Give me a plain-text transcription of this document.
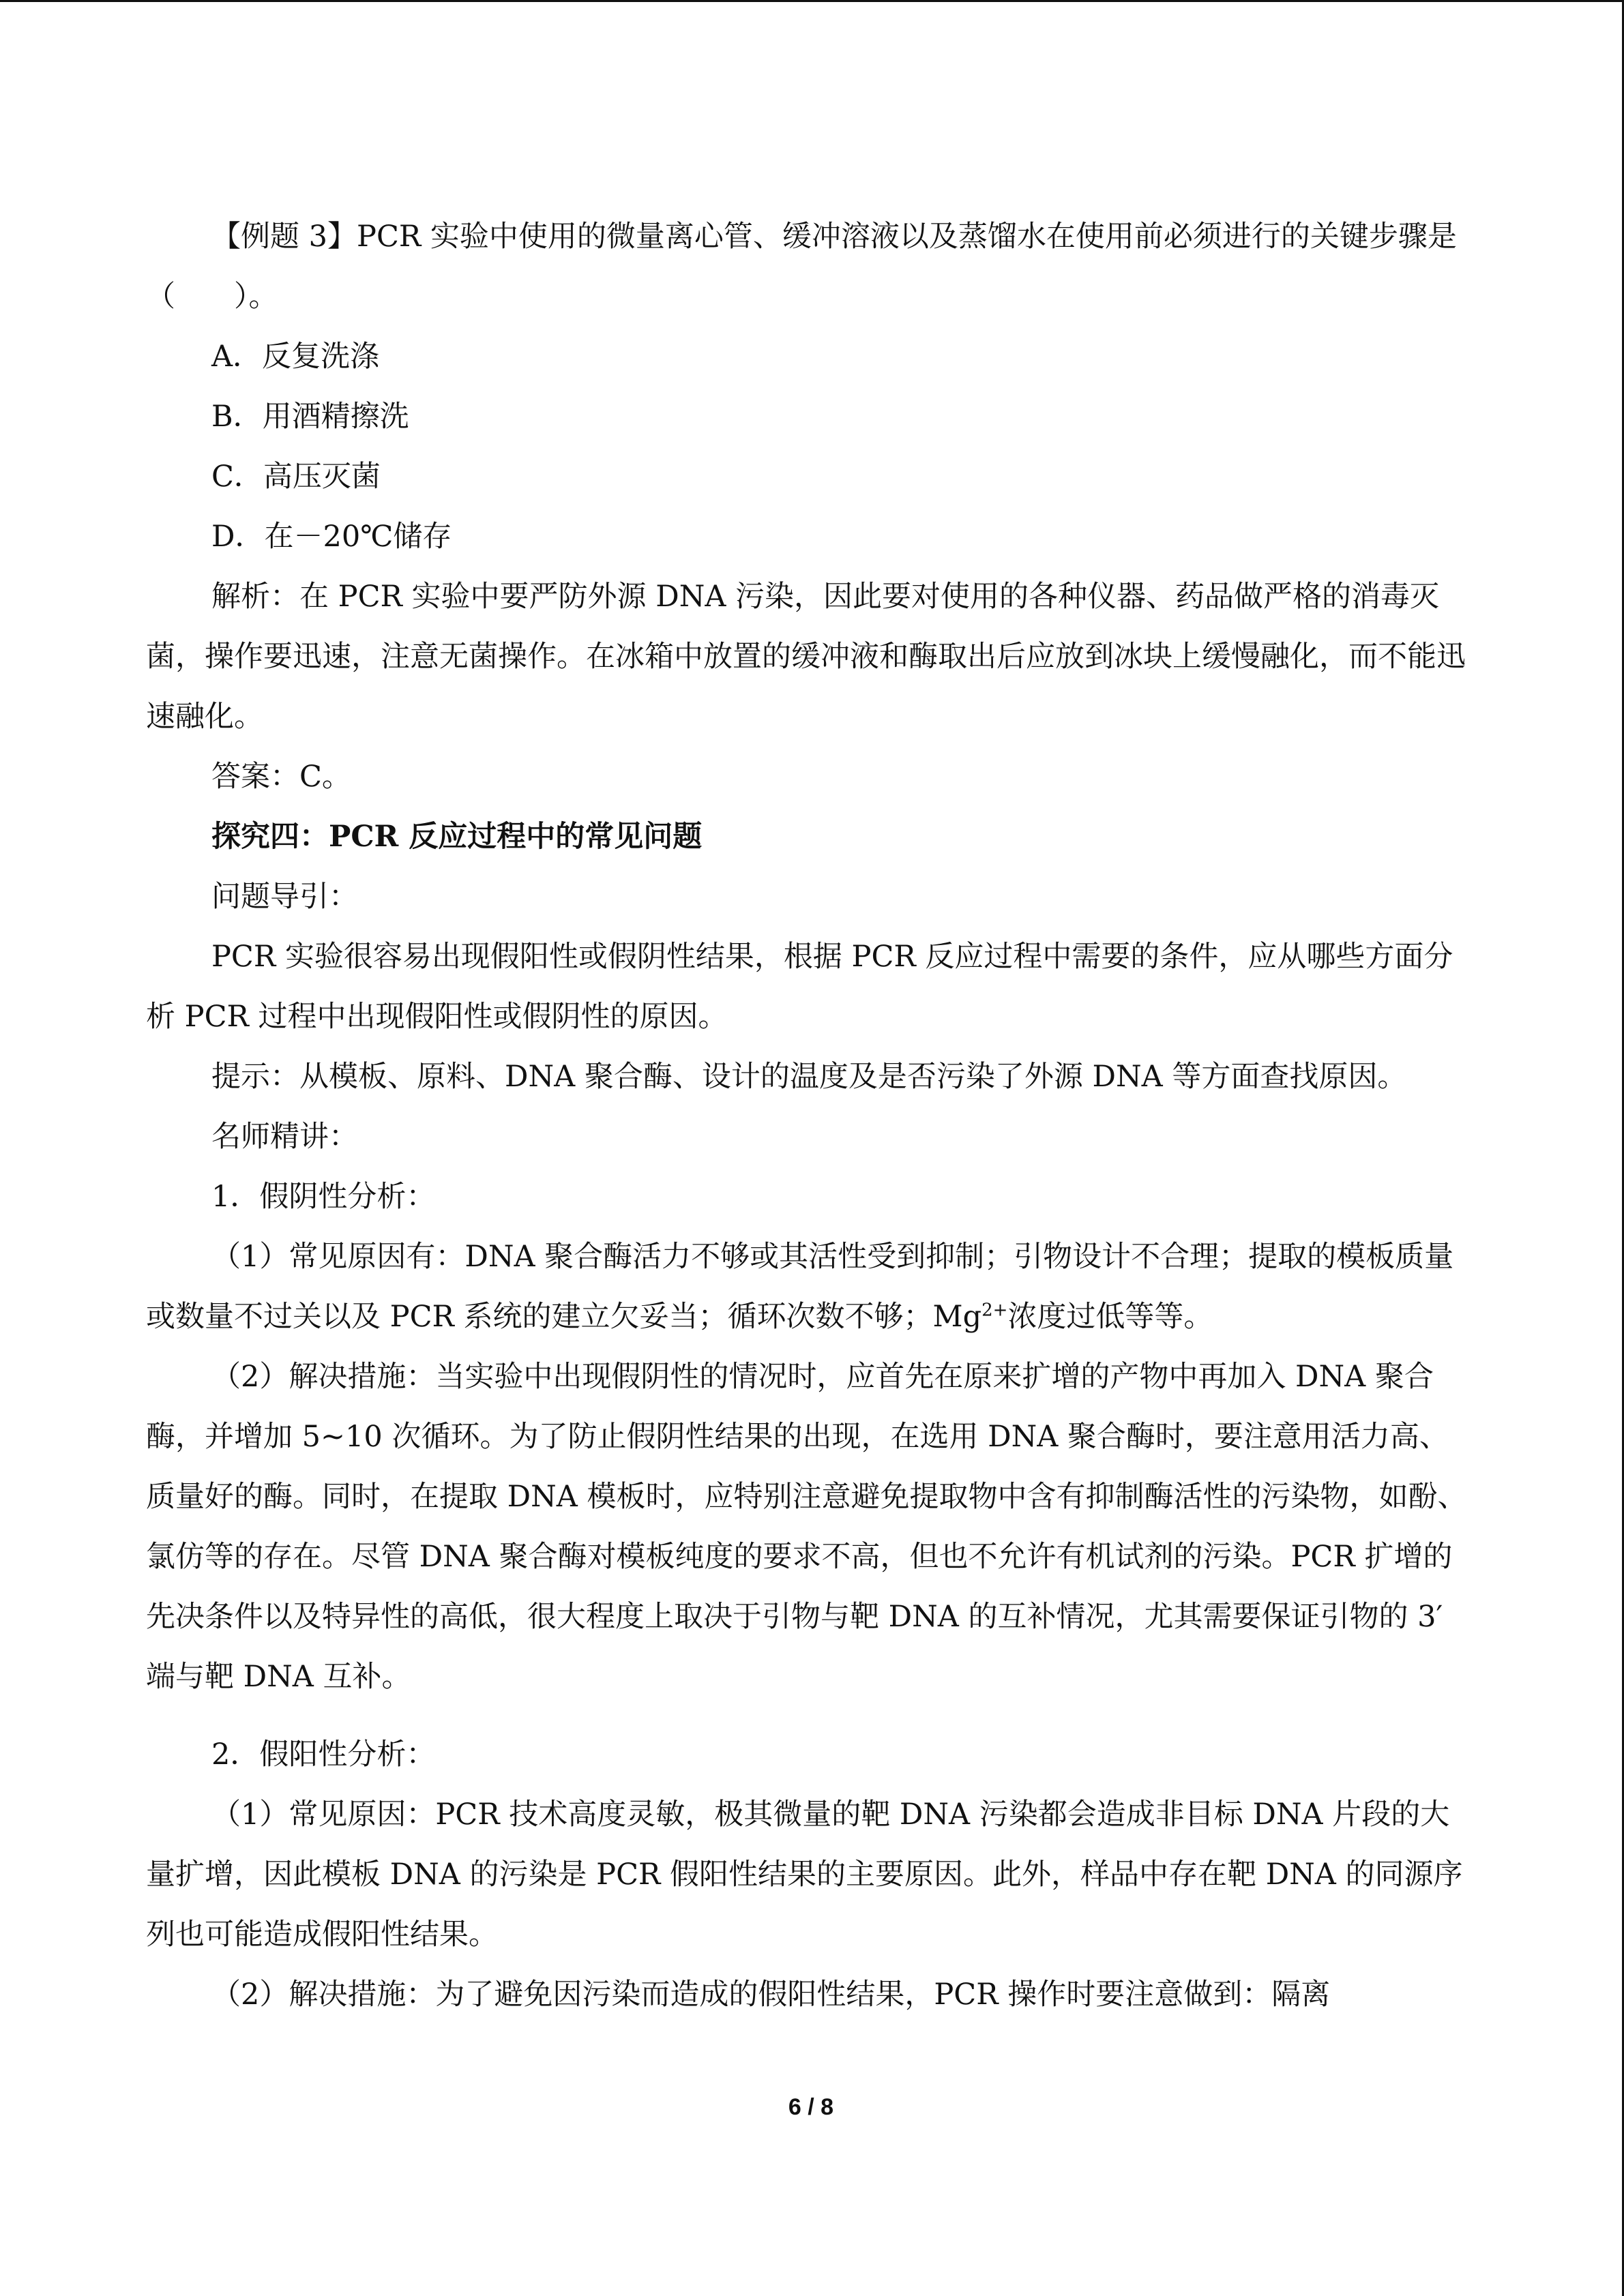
【例题 3】PCR 实验中使用的微量离心管、缓冲溶液以及蒸馏水在使用前必须进行的关键步骤是（　　）。

A．反复洗涤

B．用酒精擦洗

C．高压灭菌

D．在－20℃储存

解析：在 PCR 实验中要严防外源 DNA 污染，因此要对使用的各种仪器、药品做严格的消毒灭菌，操作要迅速，注意无菌操作。在冰箱中放置的缓冲液和酶取出后应放到冰块上缓慢融化，而不能迅速融化。

答案：C。

探究四：PCR 反应过程中的常见问题

问题导引：

PCR 实验很容易出现假阳性或假阴性结果，根据 PCR 反应过程中需要的条件，应从哪些方面分析 PCR 过程中出现假阳性或假阴性的原因。

提示：从模板、原料、DNA 聚合酶、设计的温度及是否污染了外源 DNA 等方面查找原因。

名师精讲：

1．假阴性分析：

（1）常见原因有：DNA 聚合酶活力不够或其活性受到抑制；引物设计不合理；提取的模板质量或数量不过关以及 PCR 系统的建立欠妥当；循环次数不够；$Mg^{2+}$浓度过低等等。

（2）解决措施：当实验中出现假阴性的情况时，应首先在原来扩增的产物中再加入 DNA 聚合酶，并增加 5~10 次循环。为了防止假阴性结果的出现，在选用 DNA 聚合酶时，要注意用活力高、质量好的酶。同时，在提取 DNA 模板时，应特别注意避免提取物中含有抑制酶活性的污染物，如酚、氯仿等的存在。尽管 DNA 聚合酶对模板纯度的要求不高，但也不允许有机试剂的污染。PCR 扩增的先决条件以及特异性的高低，很大程度上取决于引物与靶 DNA 的互补情况，尤其需要保证引物的 3′ 端与靶 DNA 互补。

2．假阳性分析：

（1）常见原因：PCR 技术高度灵敏，极其微量的靶 DNA 污染都会造成非目标 DNA 片段的大量扩增，因此模板 DNA 的污染是 PCR 假阳性结果的主要原因。此外，样品中存在靶 DNA 的同源序列也可能造成假阳性结果。

（2）解决措施：为了避免因污染而造成的假阳性结果，PCR 操作时要注意做到：隔离

6 / 8
